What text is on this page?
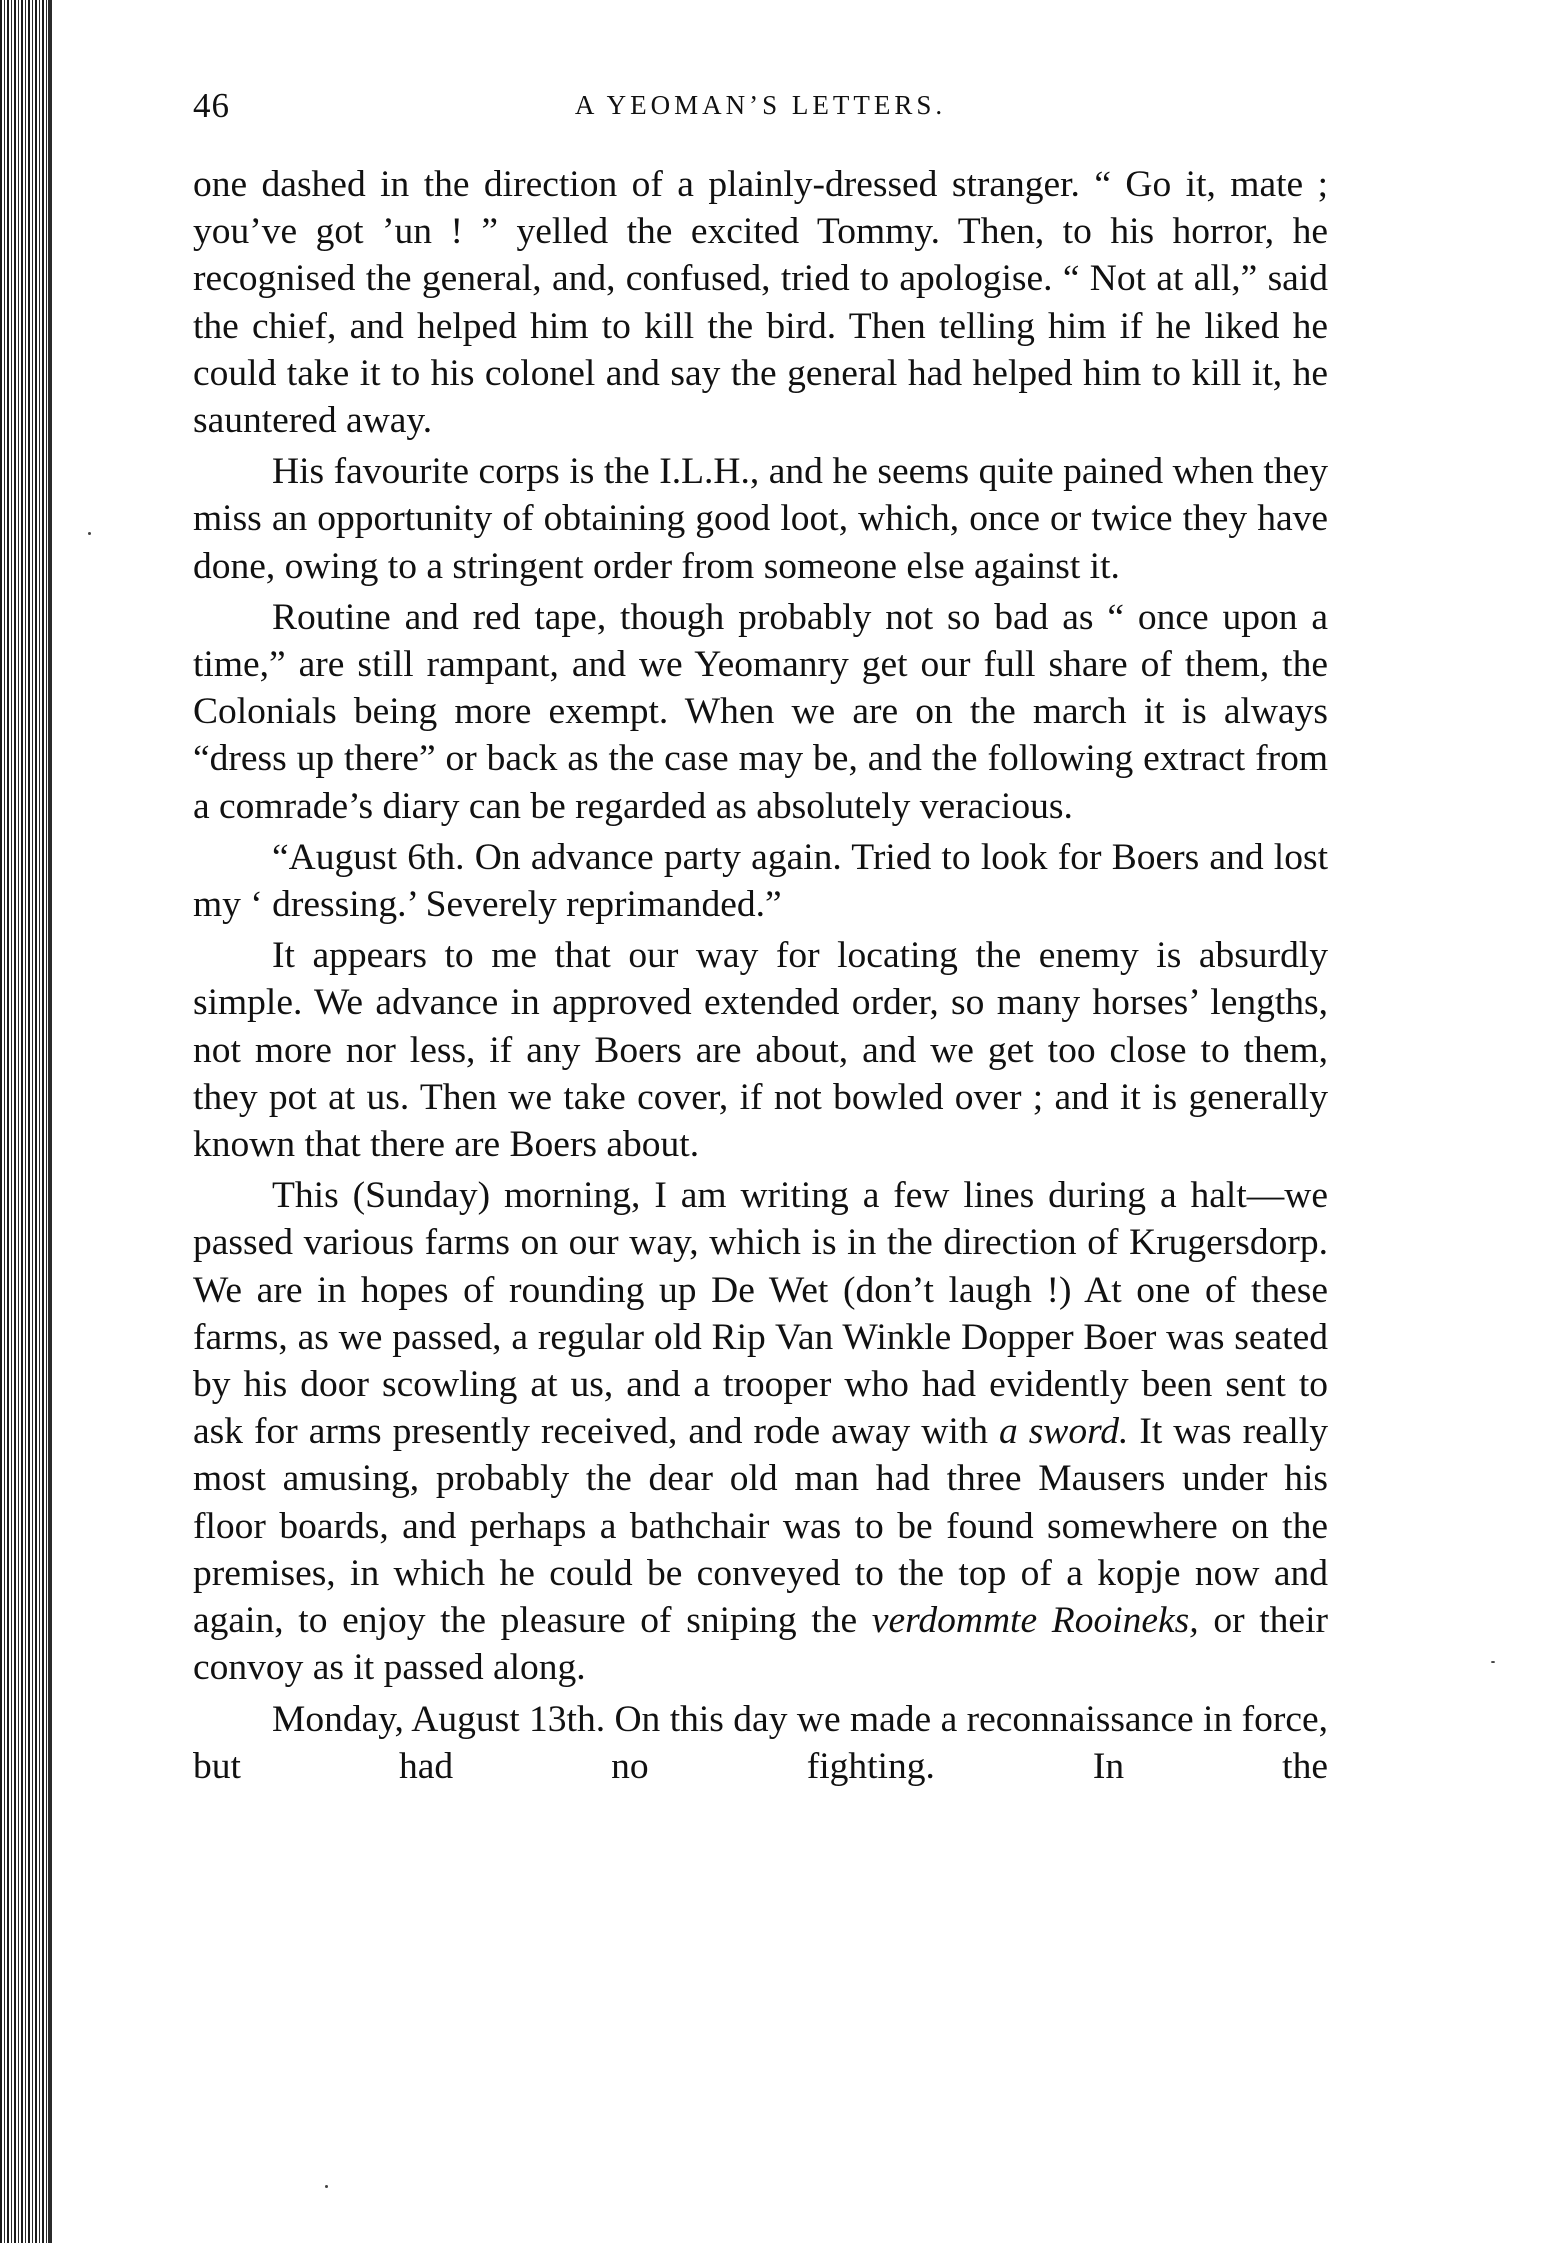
46	A YEOMAN’S LETTERS.

one dashed in the direction of a plainly-dressed stranger. “ Go it, mate ; you’ve got ’un ! ” yelled the excited Tommy. Then, to his horror, he recognised the general, and, confused, tried to apologise. “ Not at all,” said the chief, and helped him to kill the bird. Then telling him if he liked he could take it to his colonel and say the general had helped him to kill it, he sauntered away.

His favourite corps is the I.L.H., and he seems quite pained when they miss an opportunity of obtaining good loot, which, once or twice they have done, owing to a stringent order from someone else against it.

Routine and red tape, though probably not so bad as “ once upon a time,” are still rampant, and we Yeomanry get our full share of them, the Colonials being more exempt. When we are on the march it is always “dress up there” or back as the case may be, and the following extract from a comrade’s diary can be regarded as absolutely veracious.

“August 6th. On advance party again. Tried to look for Boers and lost my ‘ dressing.’ Severely reprimanded.”

It appears to me that our way for locating the enemy is absurdly simple. We advance in approved extended order, so many horses’ lengths, not more nor less, if any Boers are about, and we get too close to them, they pot at us. Then we take cover, if not bowled over ; and it is generally known that there are Boers about.

This (Sunday) morning, I am writing a few lines during a halt—we passed various farms on our way, which is in the direction of Krugersdorp. We are in hopes of rounding up De Wet (don’t laugh !) At one of these farms, as we passed, a regular old Rip Van Winkle Dopper Boer was seated by his door scowling at us, and a trooper who had evidently been sent to ask for arms presently received, and rode away with a sword. It was really most amusing, probably the dear old man had three Mausers under his floor boards, and perhaps a bathchair was to be found somewhere on the premises, in which he could be conveyed to the top of a kopje now and again, to enjoy the pleasure of sniping the verdommte Rooineks, or their convoy as it passed along.

Monday, August 13th. On this day we made a reconnaissance in force, but had no fighting. In the
